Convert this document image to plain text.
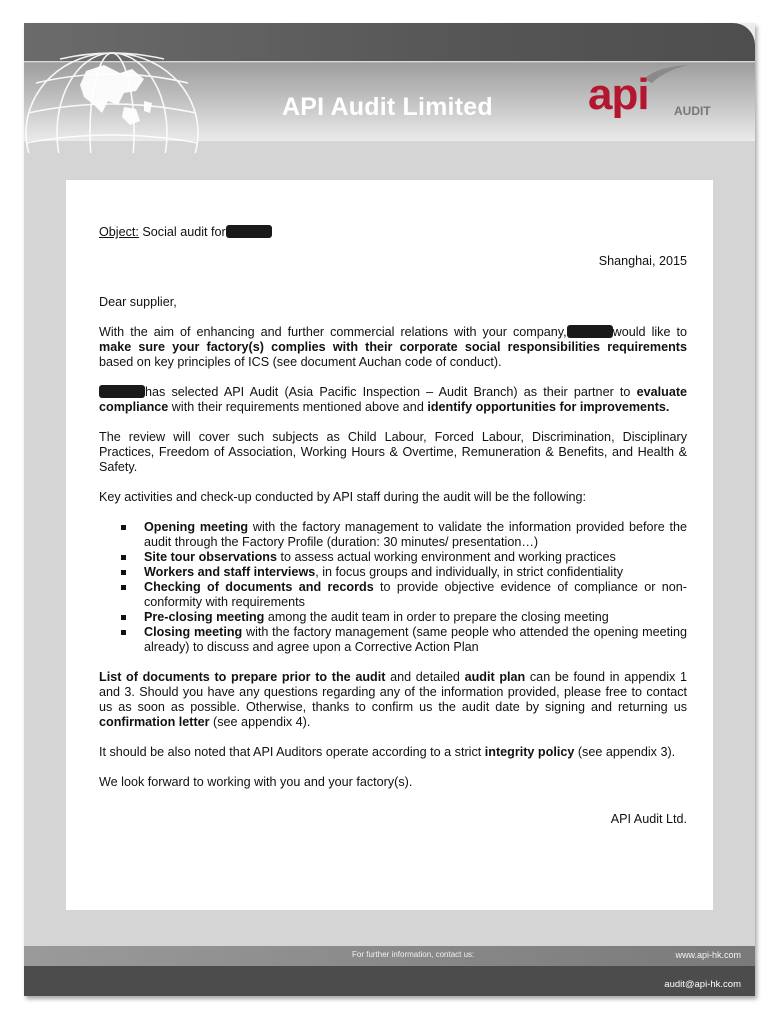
API Audit Limited api AUDIT

Object: Social audit for

Shanghai, 2015

Dear supplier,

With the aim of enhancing and further commercial relations with your company,	would like to make sure your factory(s) complies with their corporate social responsibilities requirements based on key principles of ICS (see document Auchan code of conduct).

has selected API Audit (Asia Pacific Inspection – Audit Branch) as their partner to evaluate compliance with their requirements mentioned above and identify opportunities for improvements.

The review will cover such subjects as Child Labour, Forced Labour, Discrimination, Disciplinary Practices, Freedom of Association, Working Hours & Overtime, Remuneration & Benefits, and Health & Safety.

Key activities and check-up conducted by API staff during the audit will be the following:

Opening meeting with the factory management to validate the information provided before the audit through the Factory Profile (duration: 30 minutes/ presentation…)
Site tour observations to assess actual working environment and working practices
Workers and staff interviews, in focus groups and individually, in strict confidentiality
Checking of documents and records to provide objective evidence of compliance or non-conformity with requirements
Pre-closing meeting among the audit team in order to prepare the closing meeting
Closing meeting with the factory management (same people who attended the opening meeting already) to discuss and agree upon a Corrective Action Plan

List of documents to prepare prior to the audit and detailed audit plan can be found in appendix 1 and 3. Should you have any questions regarding any of the information provided, please free to contact us as soon as possible. Otherwise, thanks to confirm us the audit date by signing and returning us confirmation letter (see appendix 4).

It should be also noted that API Auditors operate according to a strict integrity policy (see appendix 3).

We look forward to working with you and your factory(s).

API Audit Ltd.

For further information, contact us:	www.api-hk.com
audit@api-hk.com
